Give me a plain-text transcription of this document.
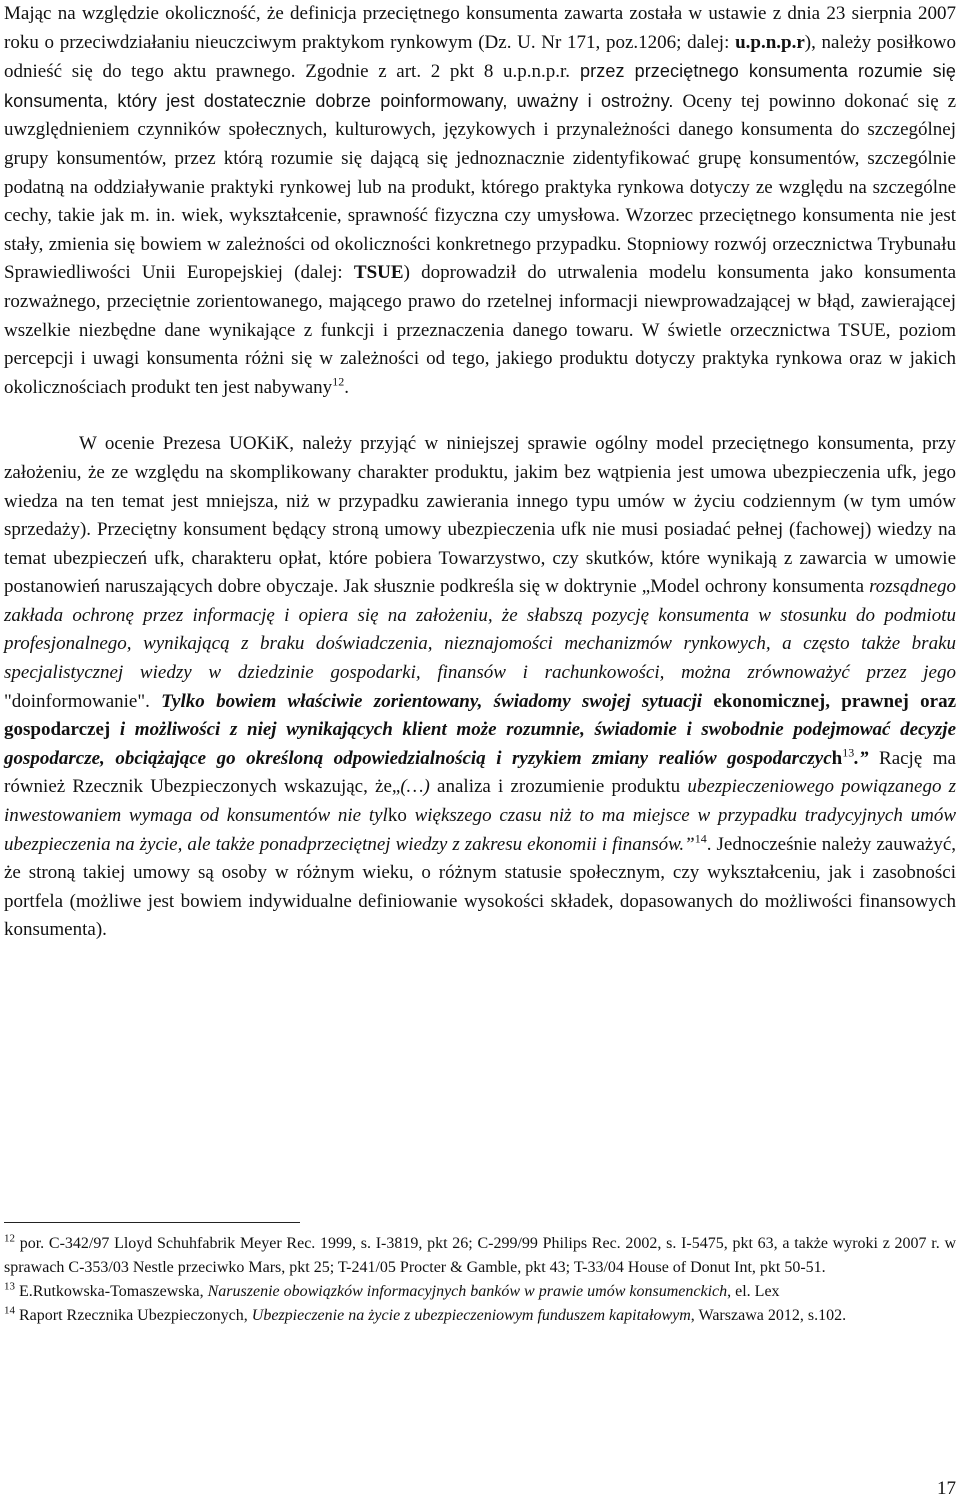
Mając na względzie okoliczność, że definicja przeciętnego konsumenta zawarta została w ustawie z dnia 23 sierpnia 2007 roku o przeciwdziałaniu nieuczciwym praktykom rynkowym (Dz. U. Nr 171, poz.1206; dalej: u.p.n.p.r), należy posiłkowo odnieść się do tego aktu prawnego. Zgodnie z art. 2 pkt 8 u.p.n.p.r. przez przeciętnego konsumenta rozumie się konsumenta, który jest dostatecznie dobrze poinformowany, uważny i ostrożny. Oceny tej powinno dokonać się z uwzględnieniem czynników społecznych, kulturowych, językowych i przynależności danego konsumenta do szczególnej grupy konsumentów, przez którą rozumie się dającą się jednoznacznie zidentyfikować grupę konsumentów, szczególnie podatną na oddziaływanie praktyki rynkowej lub na produkt, którego praktyka rynkowa dotyczy ze względu na szczególne cechy, takie jak m. in. wiek, wykształcenie, sprawność fizyczna czy umysłowa. Wzorzec przeciętnego konsumenta nie jest stały, zmienia się bowiem w zależności od okoliczności konkretnego przypadku. Stopniowy rozwój orzecznictwa Trybunału Sprawiedliwości Unii Europejskiej (dalej: TSUE) doprowadził do utrwalenia modelu konsumenta jako konsumenta rozważnego, przeciętnie zorientowanego, mającego prawo do rzetelnej informacji niewprowadzającej w błąd, zawierającej wszelkie niezbędne dane wynikające z funkcji i przeznaczenia danego towaru. W świetle orzecznictwa TSUE, poziom percepcji i uwagi konsumenta różni się w zależności od tego, jakiego produktu dotyczy praktyka rynkowa oraz w jakich okolicznościach produkt ten jest nabywany$^{12}$.

W ocenie Prezesa UOKiK, należy przyjąć w niniejszej sprawie ogólny model przeciętnego konsumenta, przy założeniu, że ze względu na skomplikowany charakter produktu, jakim bez wątpienia jest umowa ubezpieczenia ufk, jego wiedza na ten temat jest mniejsza, niż w przypadku zawierania innego typu umów w życiu codziennym (w tym umów sprzedaży). Przeciętny konsument będący stroną umowy ubezpieczenia ufk nie musi posiadać pełnej (fachowej) wiedzy na temat ubezpieczeń ufk, charakteru opłat, które pobiera Towarzystwo, czy skutków, które wynikają z zawarcia w umowie postanowień naruszających dobre obyczaje. Jak słusznie podkreśla się w doktrynie „Model ochrony konsumenta rozsądnego zakłada ochronę przez informację i opiera się na założeniu, że słabszą pozycję konsumenta w stosunku do podmiotu profesjonalnego, wynikającą z braku doświadczenia, nieznajomości mechanizmów rynkowych, a często także braku specjalistycznej wiedzy w dziedzinie gospodarki, finansów i rachunkowości, można zrównoważyć przez jego "doinformowanie". Tylko bowiem właściwie zorientowany, świadomy swojej sytuacji ekonomicznej, prawnej oraz gospodarczej i możliwości z niej wynikających klient może rozumnie, świadomie i swobodnie podejmować decyzje gospodarcze, obciążające go określoną odpowiedzialnością i ryzykiem zmiany realiów gospodarczych$^{13}$.” Rację ma również Rzecznik Ubezpieczonych wskazując, że„(…) analiza i zrozumienie produktu ubezpieczeniowego powiązanego z inwestowaniem wymaga od konsumentów nie tylko większego czasu niż to ma miejsce w przypadku tradycyjnych umów ubezpieczenia na życie, ale także ponadprzeciętnej wiedzy z zakresu ekonomii i finansów.”$^{14}$. Jednocześnie należy zauważyć, że stroną takiej umowy są osoby w różnym wieku, o różnym statusie społecznym, czy wykształceniu, jak i zasobności portfela (możliwe jest bowiem indywidualne definiowanie wysokości składek, dopasowanych do możliwości finansowych konsumenta).

$^{12}$ por. C-342/97 Lloyd Schuhfabrik Meyer Rec. 1999, s. I-3819, pkt 26; C-299/99 Philips Rec. 2002, s. I-5475, pkt 63, a także wyroki z 2007 r. w sprawach C-353/03 Nestle przeciwko Mars, pkt 25; T-241/05 Procter & Gamble, pkt 43; T-33/04 House of Donut Int, pkt 50-51.

$^{13}$ E.Rutkowska-Tomaszewska, Naruszenie obowiązków informacyjnych banków w prawie umów konsumenckich, el. Lex

$^{14}$ Raport Rzecznika Ubezpieczonych, Ubezpieczenie na życie z ubezpieczeniowym funduszem kapitałowym, Warszawa 2012, s.102.

17
